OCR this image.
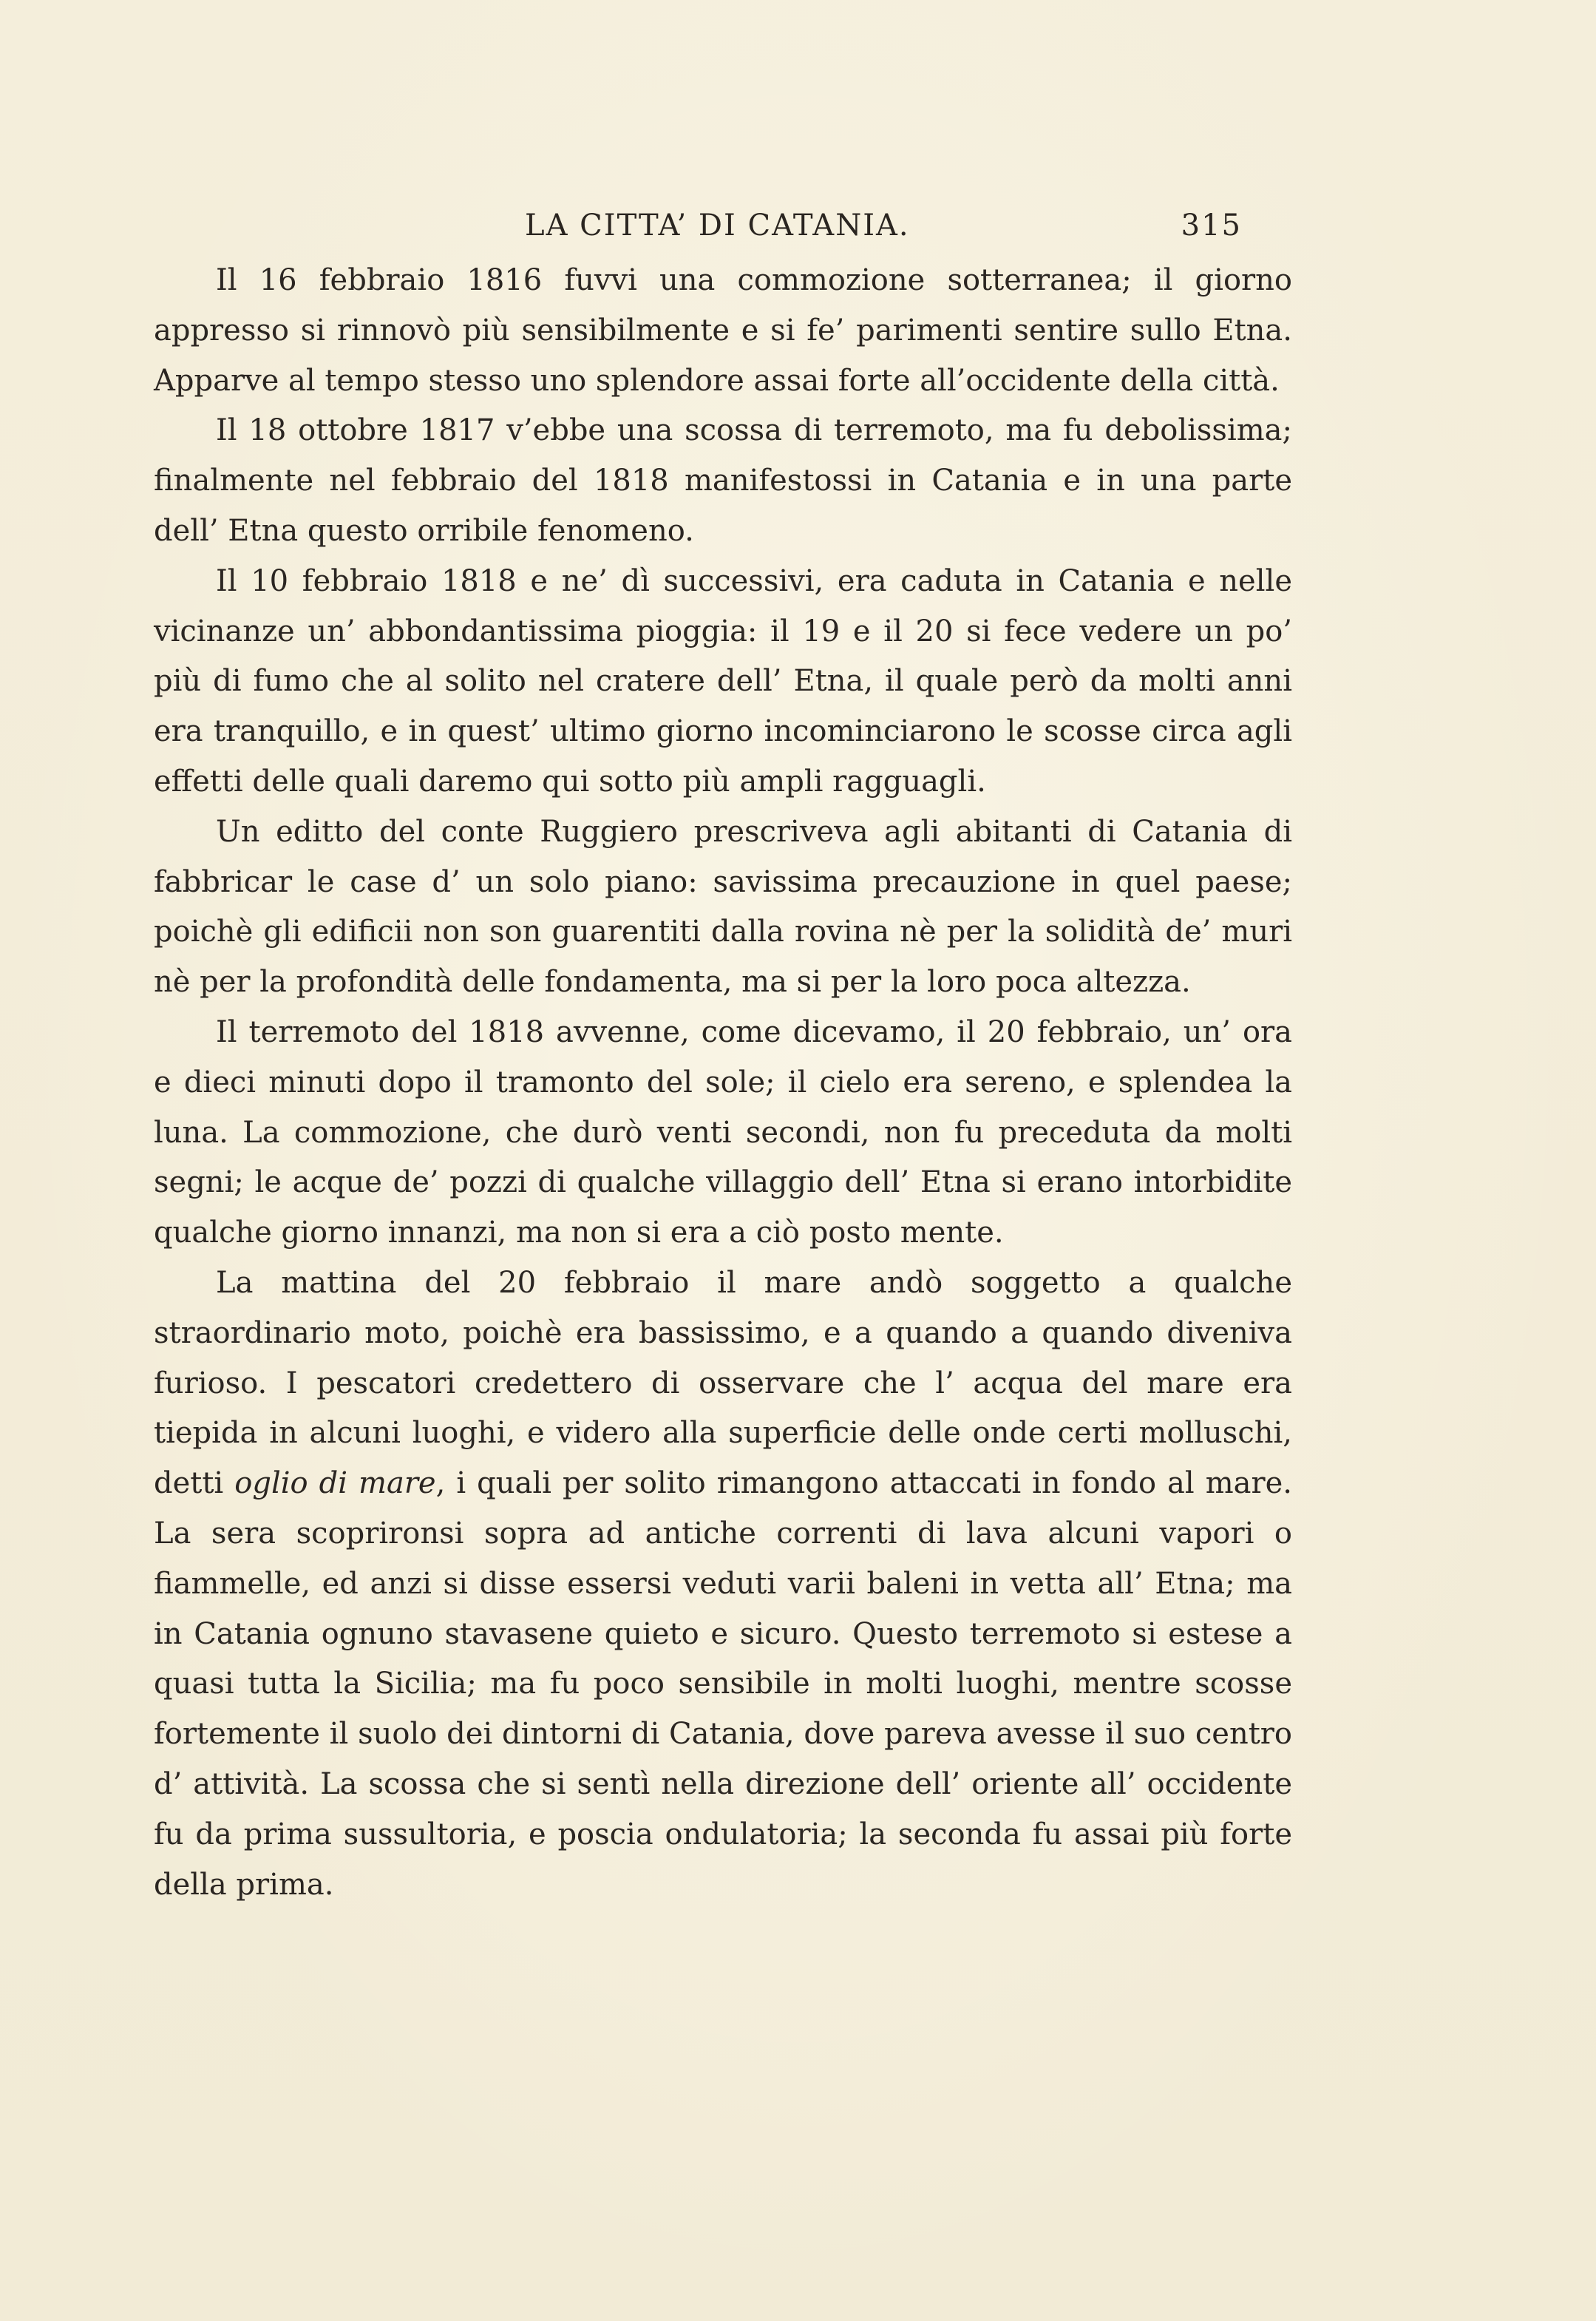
LA CITTA’ DI CATANIA.	315

Il 16 febbraio 1816 fuvvi una commozione sotterranea; il giorno appresso si rinnovò più sensibilmente e si fe’ parimenti sentire sullo Etna. Apparve al tempo stesso uno splendore assai forte all’occidente della città.

Il 18 ottobre 1817 v’ebbe una scossa di terremoto, ma fu debolissima; finalmente nel febbraio del 1818 manifestossi in Catania e in una parte dell’ Etna questo orribile fenomeno.

Il 10 febbraio 1818 e ne’ dì successivi, era caduta in Catania e nelle vicinanze un’ abbondantissima pioggia: il 19 e il 20 si fece vedere un po’ più di fumo che al solito nel cratere dell’ Etna, il quale però da molti anni era tranquillo, e in quest’ ultimo giorno incominciarono le scosse circa agli effetti delle quali daremo qui sotto più ampli ragguagli.

Un editto del conte Ruggiero prescriveva agli abitanti di Catania di fabbricar le case d’ un solo piano: savissima precauzione in quel paese; poichè gli edificii non son guarentiti dalla rovina nè per la solidità de’ muri nè per la profondità delle fondamenta, ma si per la loro poca altezza.

Il terremoto del 1818 avvenne, come dicevamo, il 20 febbraio, un’ ora e dieci minuti dopo il tramonto del sole; il cielo era sereno, e splendea la luna. La commozione, che durò venti secondi, non fu preceduta da molti segni; le acque de’ pozzi di qualche villaggio dell’ Etna si erano intorbidite qualche giorno innanzi, ma non si era a ciò posto mente.

La mattina del 20 febbraio il mare andò soggetto a qualche straordinario moto, poichè era bassissimo, e a quando a quando diveniva furioso. I pescatori credettero di osservare che l’ acqua del mare era tiepida in alcuni luoghi, e videro alla superficie delle onde certi molluschi, detti oglio di mare, i quali per solito rimangono attaccati in fondo al mare. La sera scoprironsi sopra ad antiche correnti di lava alcuni vapori o fiammelle, ed anzi si disse essersi veduti varii baleni in vetta all’ Etna; ma in Catania ognuno stavasene quieto e sicuro. Questo terremoto si estese a quasi tutta la Sicilia; ma fu poco sensibile in molti luoghi, mentre scosse fortemente il suolo dei dintorni di Catania, dove pareva avesse il suo centro d’ attività. La scossa che si sentì nella direzione dell’ oriente all’ occidente fu da prima sussultoria, e poscia ondulatoria; la seconda fu assai più forte della prima.
